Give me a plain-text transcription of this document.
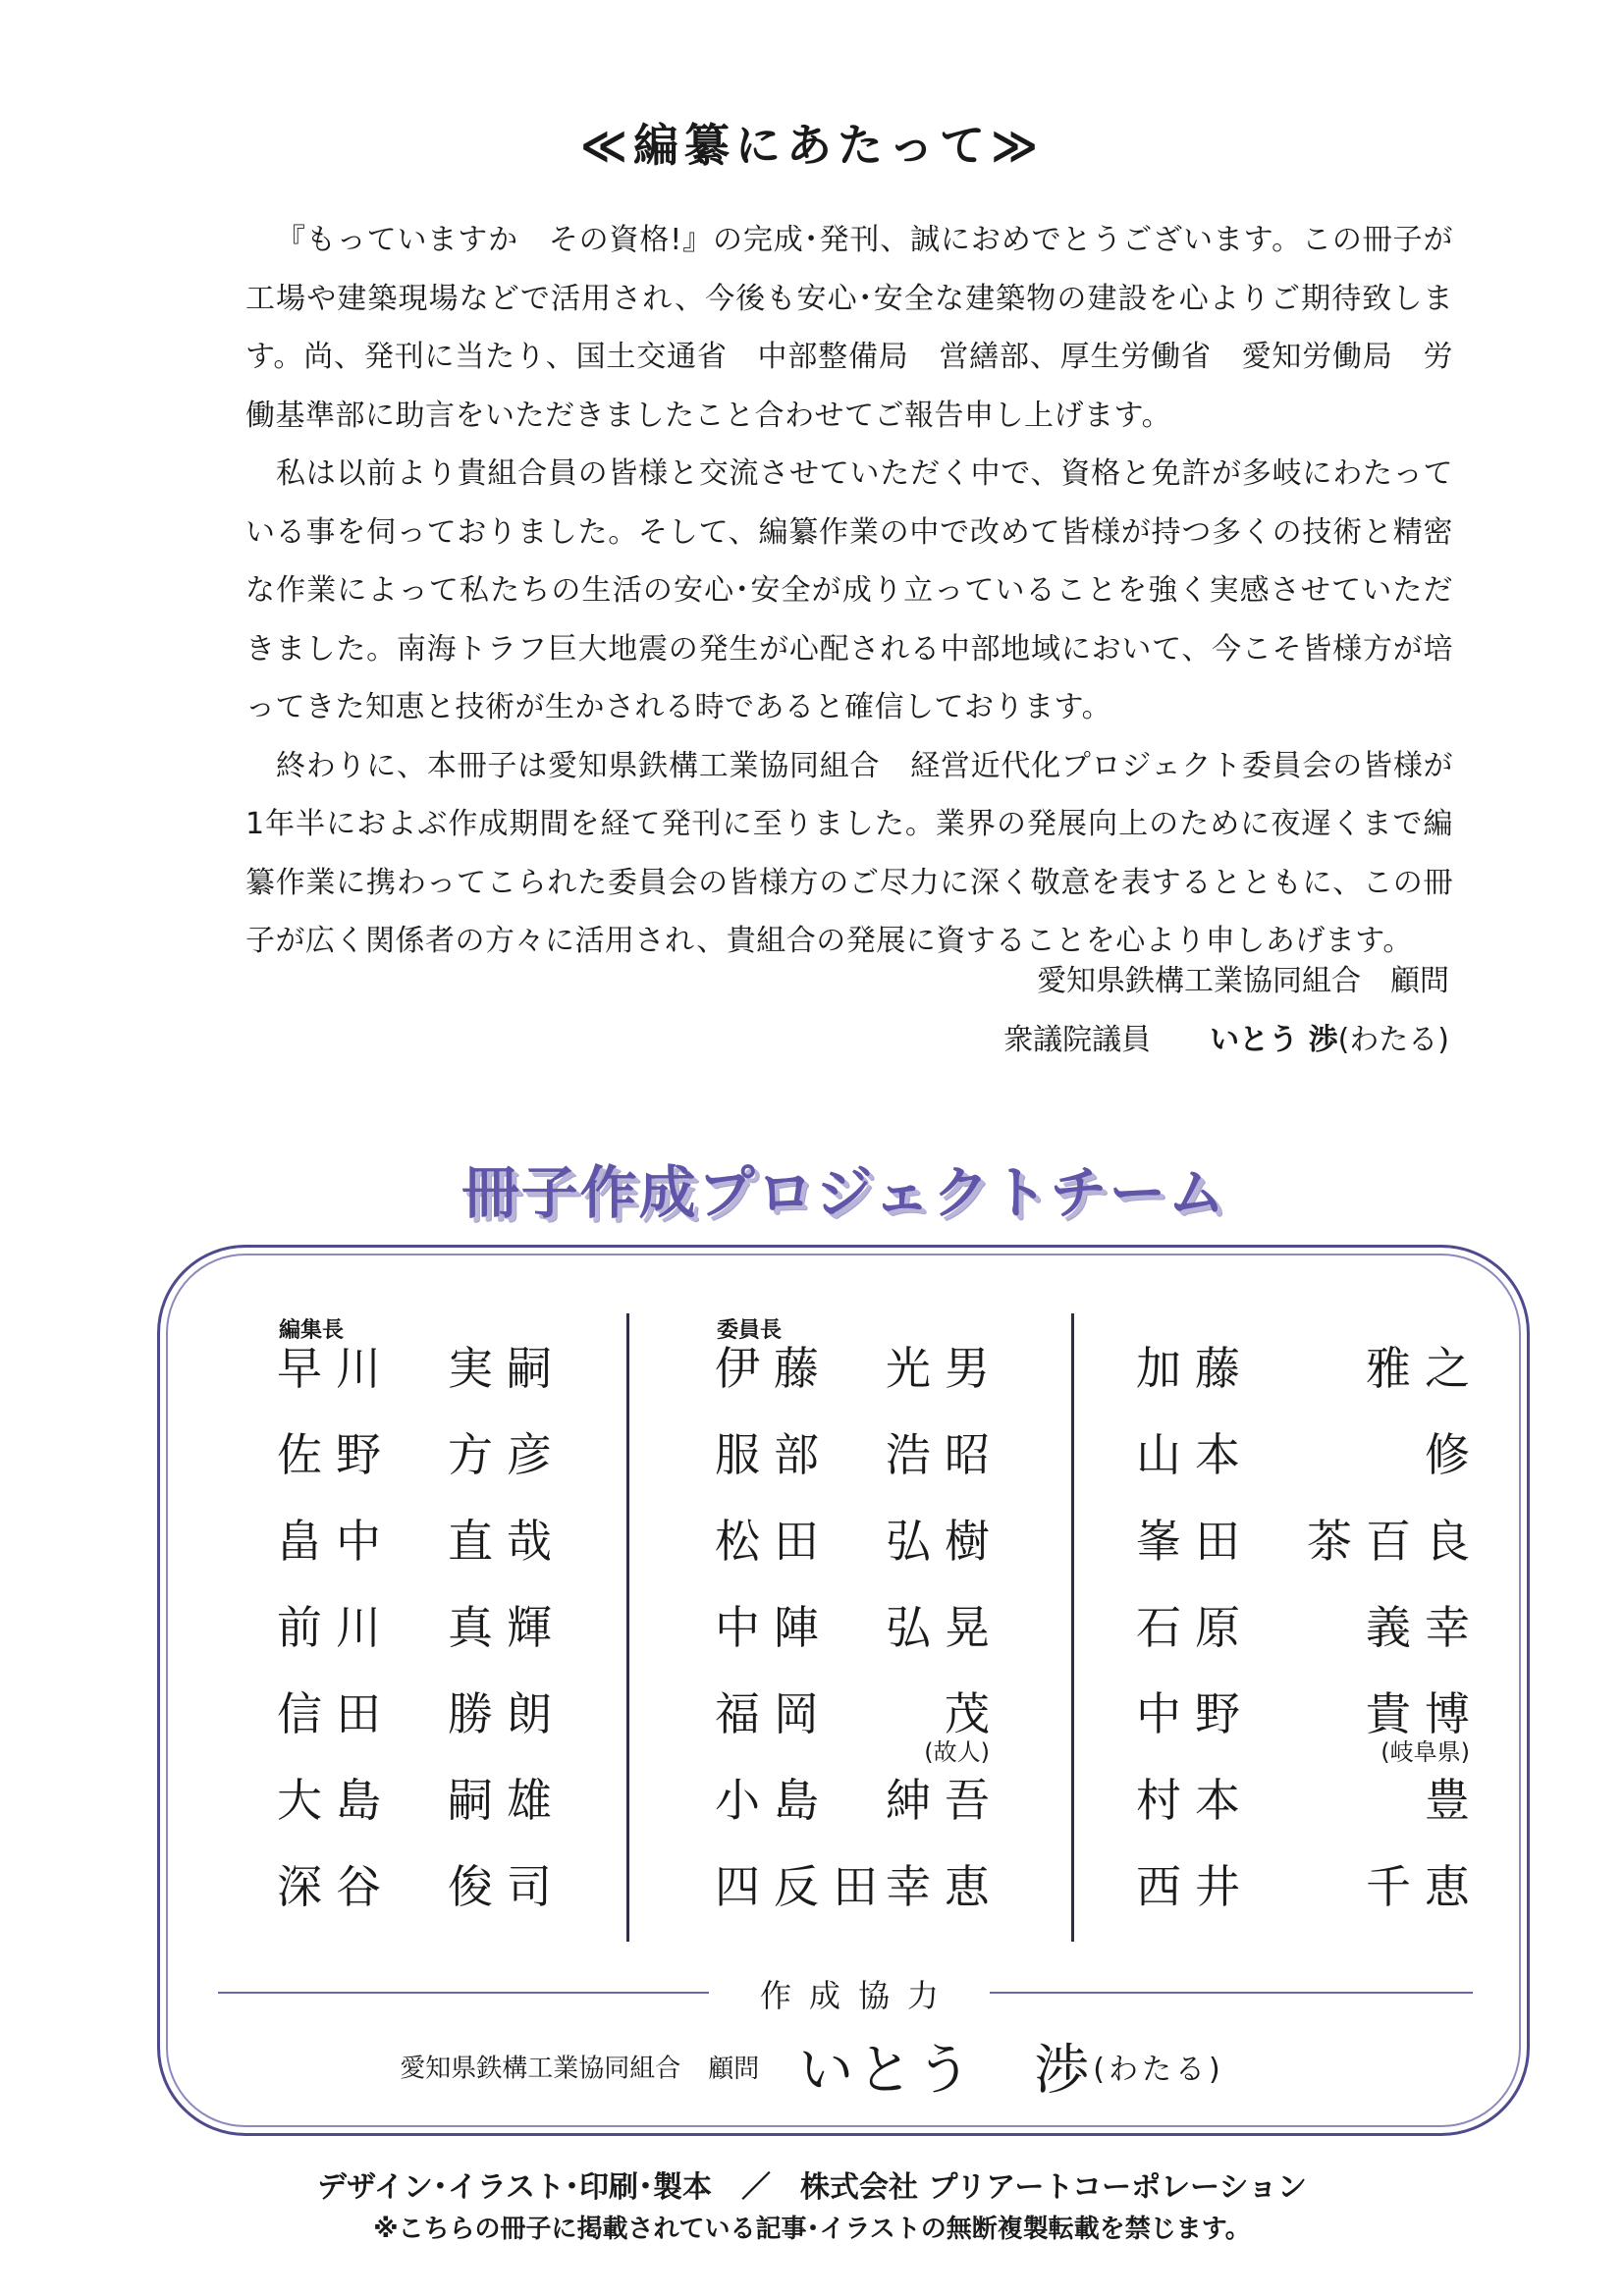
≪編纂にあたって≫

『もっていますか　その資格!』の完成･発刊、誠におめでとうございます。この冊子が工場や建築現場などで活用され、今後も安心･安全な建築物の建設を心よりご期待致します。尚、発刊に当たり、国土交通省　中部整備局　営繕部、厚生労働省　愛知労働局　労働基準部に助言をいただきましたこと合わせてご報告申し上げます。

私は以前より貴組合員の皆様と交流させていただく中で、資格と免許が多岐にわたっている事を伺っておりました。そして、編纂作業の中で改めて皆様が持つ多くの技術と精密な作業によって私たちの生活の安心･安全が成り立っていることを強く実感させていただきました。南海トラフ巨大地震の発生が心配される中部地域において、今こそ皆様方が培ってきた知恵と技術が生かされる時であると確信しております。

終わりに、本冊子は愛知県鉄構工業協同組合　経営近代化プロジェクト委員会の皆様が1年半におよぶ作成期間を経て発刊に至りました。業界の発展向上のために夜遅くまで編纂作業に携わってこられた委員会の皆様方のご尽力に深く敬意を表するとともに、この冊子が広く関係者の方々に活用され、貴組合の発展に資することを心より申しあげます。

愛知県鉄構工業協同組合　顧問
衆議院議員　　 いとう 渉(わたる)
冊子作成プロジェクトチーム
編集長
早川 実嗣
佐野 方彦
畠中 直哉
前川 真輝
信田 勝朗
大島 嗣雄
深谷 俊司
委員長
伊藤 光男
服部 浩昭
松田 弘樹
中陣 弘晃
福岡 茂
(故人)
小島 紳吾
四反田
幸恵
加藤 雅之
山本	修
峯田 茶百良
石原 義幸
中野 貴博
(岐阜県)
村本	豊
西井 千恵
作成協力
愛知県鉄構工業協同組合 顧問 いとう　渉(わたる)
デザイン･イラスト･印刷･製本　／　株式会社 プリアートコーポレーション
※こちらの冊子に掲載されている記事･イラストの無断複製転載を禁じます。
